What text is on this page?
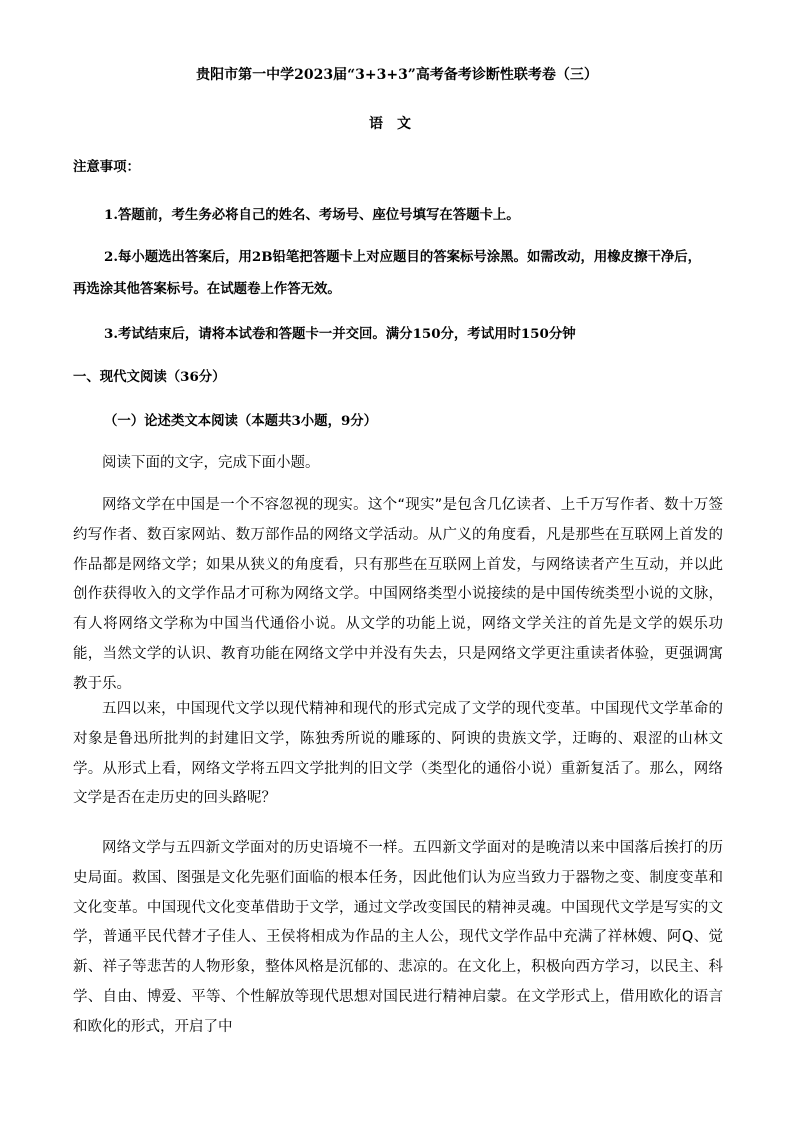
贵阳市第一中学2023届“3+3+3”高考备考诊断性联考卷（三）
语文
注意事项：
1.答题前，考生务必将自己的姓名、考场号、座位号填写在答题卡上。
2.每小题选出答案后，用2B铅笔把答题卡上对应题目的答案标号涂黑。如需改动，用橡皮擦干净后，再选涂其他答案标号。在试题卷上作答无效。
3.考试结束后，请将本试卷和答题卡一并交回。满分150分，考试用时150分钟
一、现代文阅读（36分）
（一）论述类文本阅读（本题共3小题，9分）
阅读下面的文字，完成下面小题。
网络文学在中国是一个不容忽视的现实。这个“现实”是包含几亿读者、上千万写作者、数十万签约写作者、数百家网站、数万部作品的网络文学活动。从广义的角度看，凡是那些在互联网上首发的作品都是网络文学；如果从狭义的角度看，只有那些在互联网上首发，与网络读者产生互动，并以此创作获得收入的文学作品才可称为网络文学。中国网络类型小说接续的是中国传统类型小说的文脉，有人将网络文学称为中国当代通俗小说。从文学的功能上说，网络文学关注的首先是文学的娱乐功能，当然文学的认识、教育功能在网络文学中并没有失去，只是网络文学更注重读者体验，更强调寓教于乐。
五四以来，中国现代文学以现代精神和现代的形式完成了文学的现代变革。中国现代文学革命的对象是鲁迅所批判的封建旧文学，陈独秀所说的雕琢的、阿谀的贵族文学，迂晦的、艰涩的山林文学。从形式上看，网络文学将五四文学批判的旧文学（类型化的通俗小说）重新复活了。那么，网络文学是否在走历史的回头路呢？
网络文学与五四新文学面对的历史语境不一样。五四新文学面对的是晚清以来中国落后挨打的历史局面。救国、图强是文化先驱们面临的根本任务，因此他们认为应当致力于器物之变、制度变革和文化变革。中国现代文化变革借助于文学，通过文学改变国民的精神灵魂。中国现代文学是写实的文学，普通平民代替才子佳人、王侯将相成为作品的主人公，现代文学作品中充满了祥林嫂、阿Q、觉新、祥子等悲苦的人物形象，整体风格是沉郁的、悲凉的。在文化上，积极向西方学习，以民主、科学、自由、博爱、平等、个性解放等现代思想对国民进行精神启蒙。在文学形式上，借用欧化的语言和欧化的形式，开启了中
